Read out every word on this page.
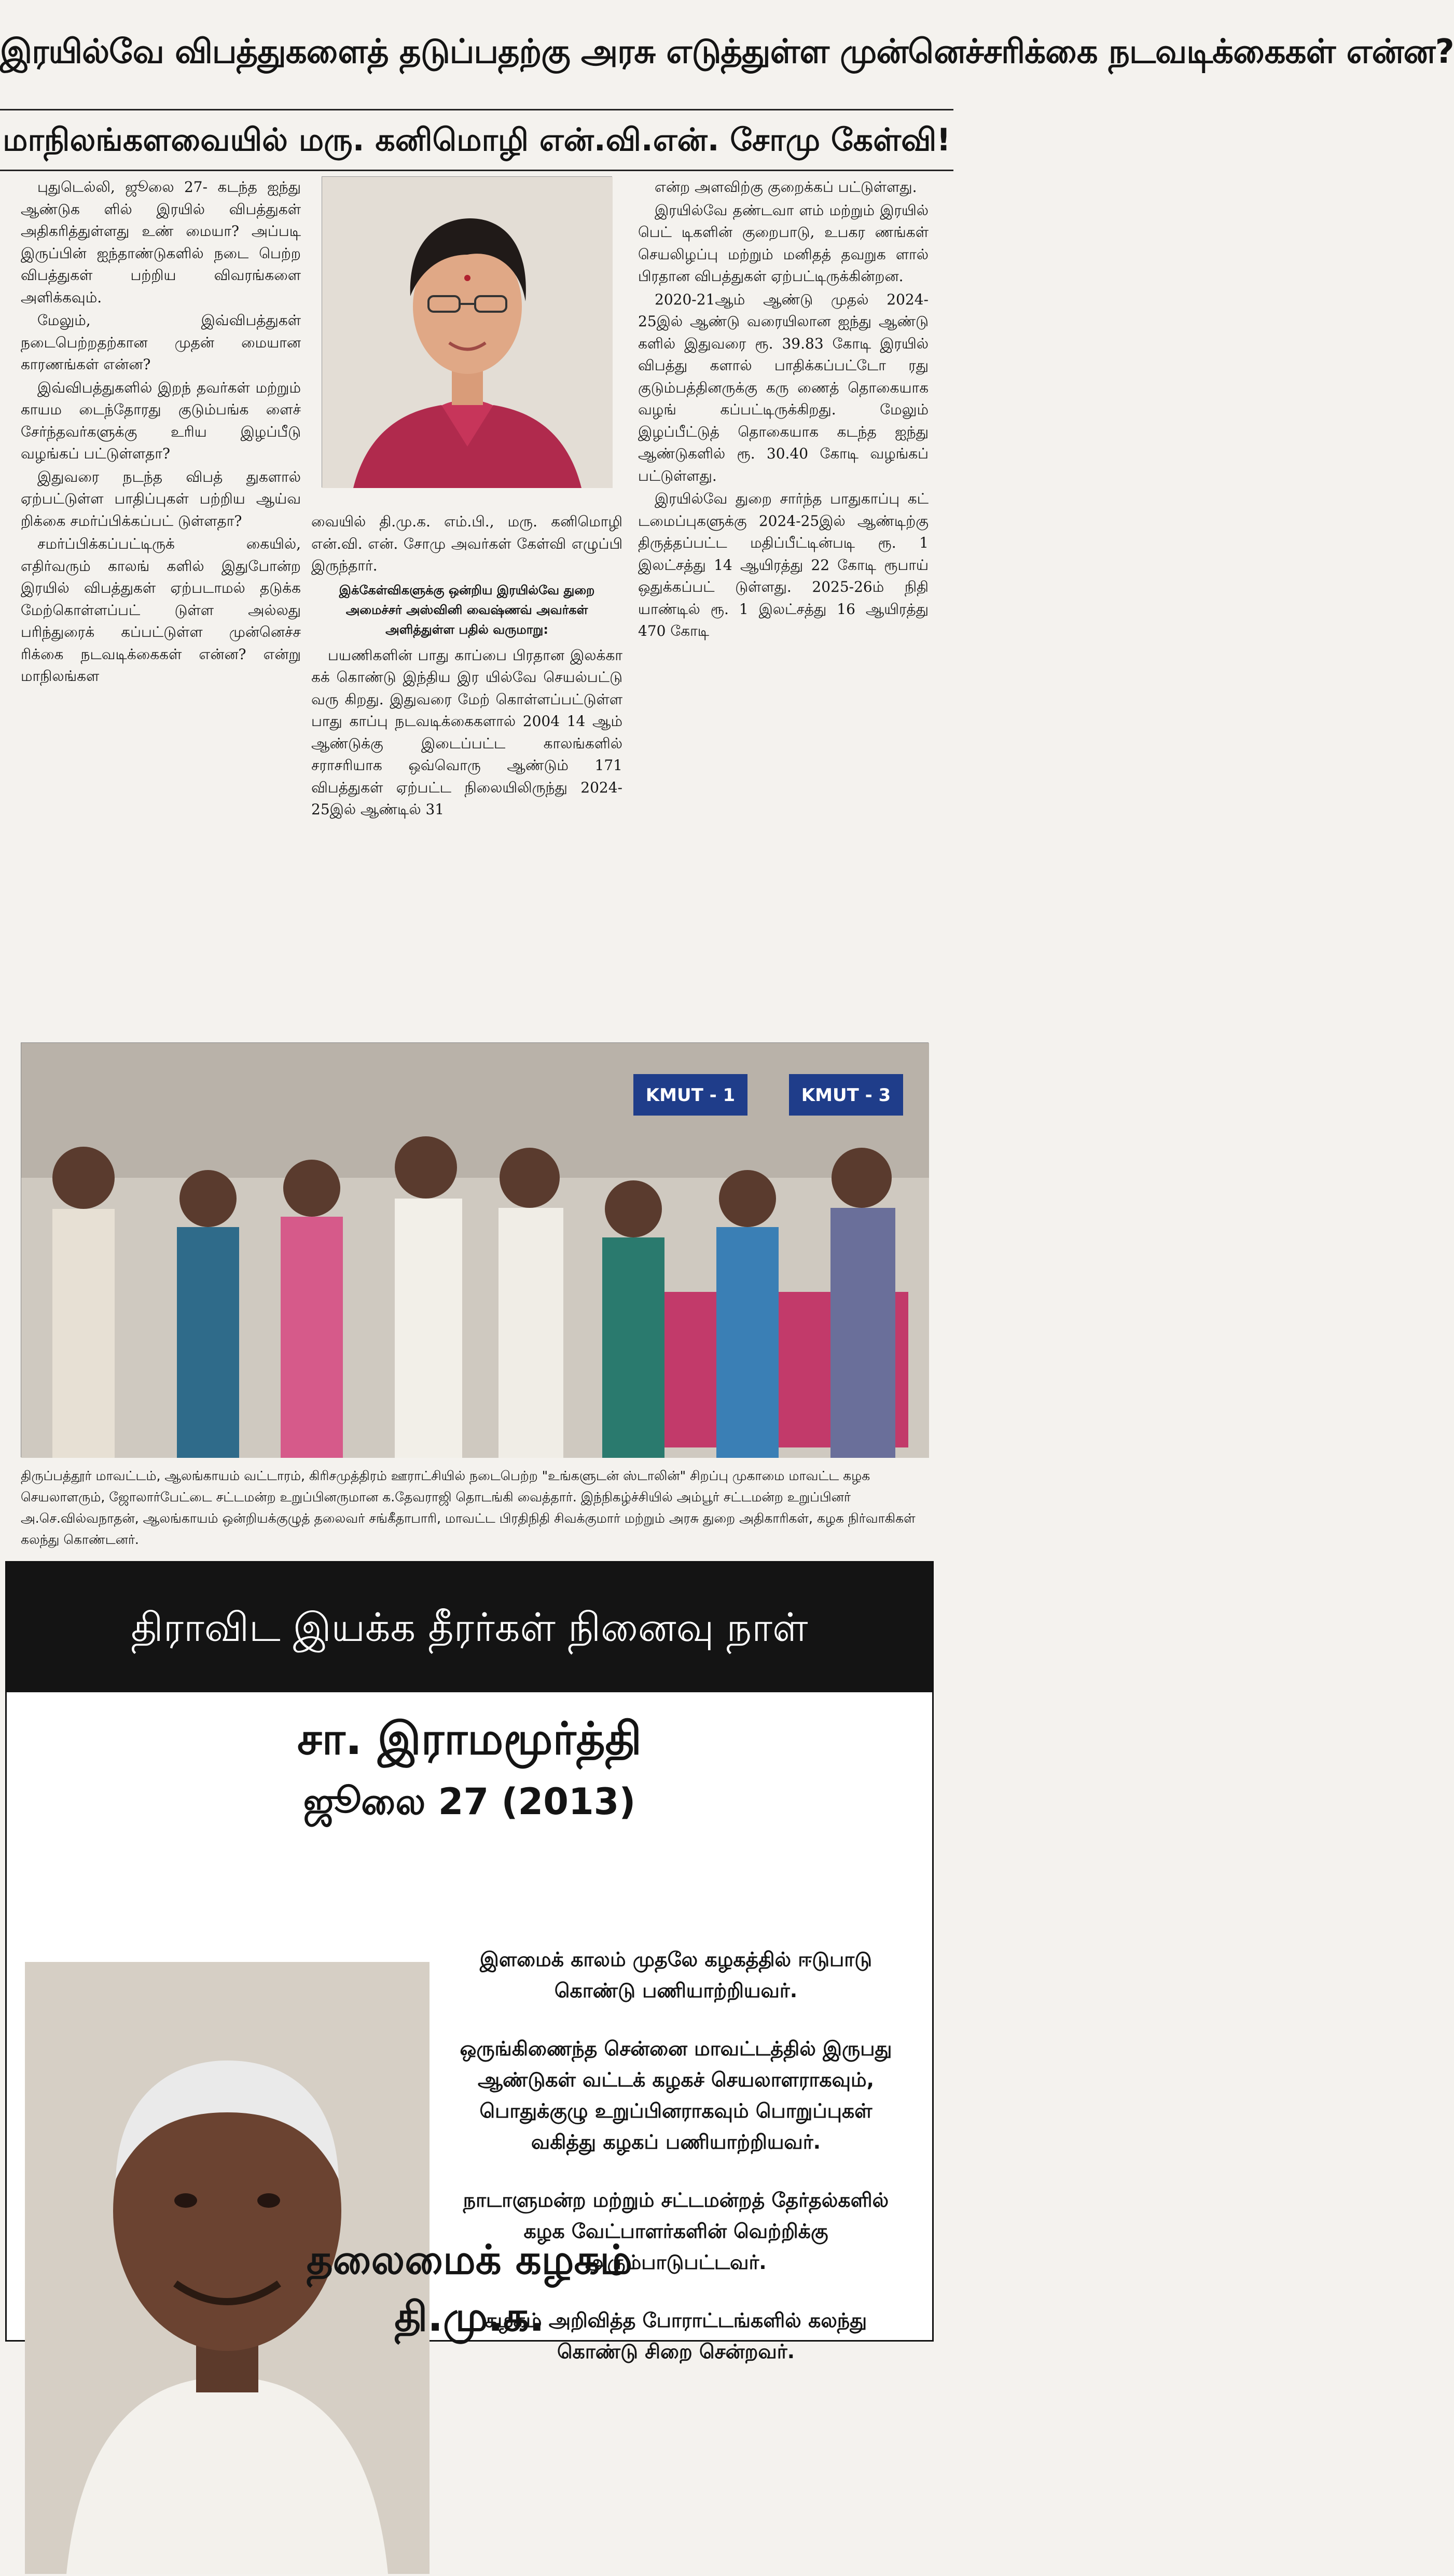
இரயில்வே விபத்துகளைத் தடுப்பதற்கு அரசு எடுத்துள்ள முன்னெச்சரிக்கை நடவடிக்கைகள் என்ன?
மாநிலங்களவையில் மரு. கனிமொழி என்.வி.என். சோமு கேள்வி!

புதுடெல்லி, ஜூலை 27- கடந்த ஐந்து ஆண்டுக ளில் இரயில் விபத்துகள் அதிகரித்துள்ளது உண் மையா? அப்படி இருப்பின் ஐந்தாண்டுகளில் நடை பெற்ற விபத்துகள் பற்றிய விவரங்களை அளிக்கவும்.

மேலும், இவ்விபத்துகள் நடைபெற்றதற்கான முதன் மையான காரணங்கள் என்ன?

இவ்விபத்துகளில் இறந் தவர்கள் மற்றும் காயம டைந்தோரது குடும்பங்க ளைச் சேர்ந்தவர்களுக்கு உரிய இழப்பீடு வழங்கப் பட்டுள்ளதா?

இதுவரை நடந்த விபத் துகளால் ஏற்பட்டுள்ள பாதிப்புகள் பற்றிய ஆய்வ றிக்கை சமர்ப்பிக்கப்பட் டுள்ளதா?

சமர்ப்பிக்கப்பட்டிருக் கையில், எதிர்வரும் காலங் களில் இதுபோன்ற இரயில் விபத்துகள் ஏற்படாமல் தடுக்க மேற்கொள்ளப்பட் டுள்ள அல்லது பரிந்துரைக் கப்பட்டுள்ள முன்னெச்ச ரிக்கை நடவடிக்கைகள் என்ன? என்று மாநிலங்கள

வையில் தி.மு.க. எம்.பி., மரு. கனிமொழி என்.வி. என். சோமு அவர்கள் கேள்வி எழுப்பி இருந்தார்.

இக்கேள்விகளுக்கு ஒன்றிய இரயில்வே துறை அமைச்சர் அஸ்வினி வைஷ்ணவ் அவர்கள் அளித்துள்ள பதில் வருமாறு:

பயணிகளின் பாது காப்பை பிரதான இலக்கா கக் கொண்டு இந்திய இர யில்வே செயல்பட்டு வரு கிறது. இதுவரை மேற் கொள்ளப்பட்டுள்ள பாது காப்பு நடவடிக்கைகளால் 2004 14 ஆம் ஆண்டுக்கு இடைப்பட்ட காலங்களில் சராசரியாக ஒவ்வொரு ஆண்டும் 171 விபத்துகள் ஏற்பட்ட நிலையிலிருந்து 2024-25இல் ஆண்டில் 31

என்ற அளவிற்கு குறைக்கப் பட்டுள்ளது.

இரயில்வே தண்டவா ளம் மற்றும் இரயில் பெட் டிகளின் குறைபாடு, உபகர ணங்கள் செயலிழப்பு மற்றும் மனிதத் தவறுக ளால் பிரதான விபத்துகள் ஏற்பட்டிருக்கின்றன.

2020-21ஆம் ஆண்டு முதல் 2024-25இல் ஆண்டு வரையிலான ஐந்து ஆண்டு களில் இதுவரை ரூ. 39.83 கோடி இரயில் விபத்து களால் பாதிக்கப்பட்டோ ரது குடும்பத்தினருக்கு கரு ணைத் தொகையாக வழங் கப்பட்டிருக்கிறது. மேலும் இழப்பீட்டுத் தொகையாக கடந்த ஐந்து ஆண்டுகளில் ரூ. 30.40 கோடி வழங்கப் பட்டுள்ளது.

இரயில்வே துறை சார்ந்த பாதுகாப்பு கட் டமைப்புகளுக்கு 2024-25இல் ஆண்டிற்கு திருத்தப்பட்ட மதிப்பீட்டின்படி ரூ. 1 இலட்சத்து 14 ஆயிரத்து 22 கோடி ரூபாய் ஒதுக்கப்பட் டுள்ளது. 2025-26ம் நிதி யாண்டில் ரூ. 1 இலட்சத்து 16 ஆயிரத்து 470 கோடி

KMUT - 1	KMUT - 3
திருப்பத்தூர் மாவட்டம், ஆலங்காயம் வட்டாரம், கிரிசமுத்திரம் ஊராட்சியில் நடைபெற்ற "உங்களுடன் ஸ்டாலின்" சிறப்பு முகாமை மாவட்ட கழக செயலாளரும், ஜோலார்பேட்டை சட்டமன்ற உறுப்பினருமான க.தேவராஜி தொடங்கி வைத்தார். இந்நிகழ்ச்சியில் அம்பூர் சட்டமன்ற உறுப்பினர் அ.செ.வில்வநாதன், ஆலங்காயம் ஒன்றியக்குழுத் தலைவர் சங்கீதாபாரி, மாவட்ட பிரதிநிதி சிவக்குமார் மற்றும் அரசு துறை அதிகாரிகள், கழக நிர்வாகிகள் கலந்து கொண்டனர்.
திராவிட இயக்க தீரர்கள் நினைவு நாள்
சா. இராமமூர்த்தி
ஜூலை 27 (2013)

இளமைக் காலம் முதலே கழகத்தில் ஈடுபாடு கொண்டு பணியாற்றியவர்.

ஒருங்கிணைந்த சென்னை மாவட்டத்தில் இருபது ஆண்டுகள் வட்டக் கழகச் செயலாளராகவும், பொதுக்குழு உறுப்பினராகவும் பொறுப்புகள் வகித்து கழகப் பணியாற்றியவர்.

நாடாளுமன்ற மற்றும் சட்டமன்றத் தேர்தல்களில் கழக வேட்பாளர்களின் வெற்றிக்கு அரும்பாடுபட்டவர்.

கழகம் அறிவித்த போராட்டங்களில் கலந்து கொண்டு சிறை சென்றவர்.

தலைமைக் கழகம்
தி.மு.க.
